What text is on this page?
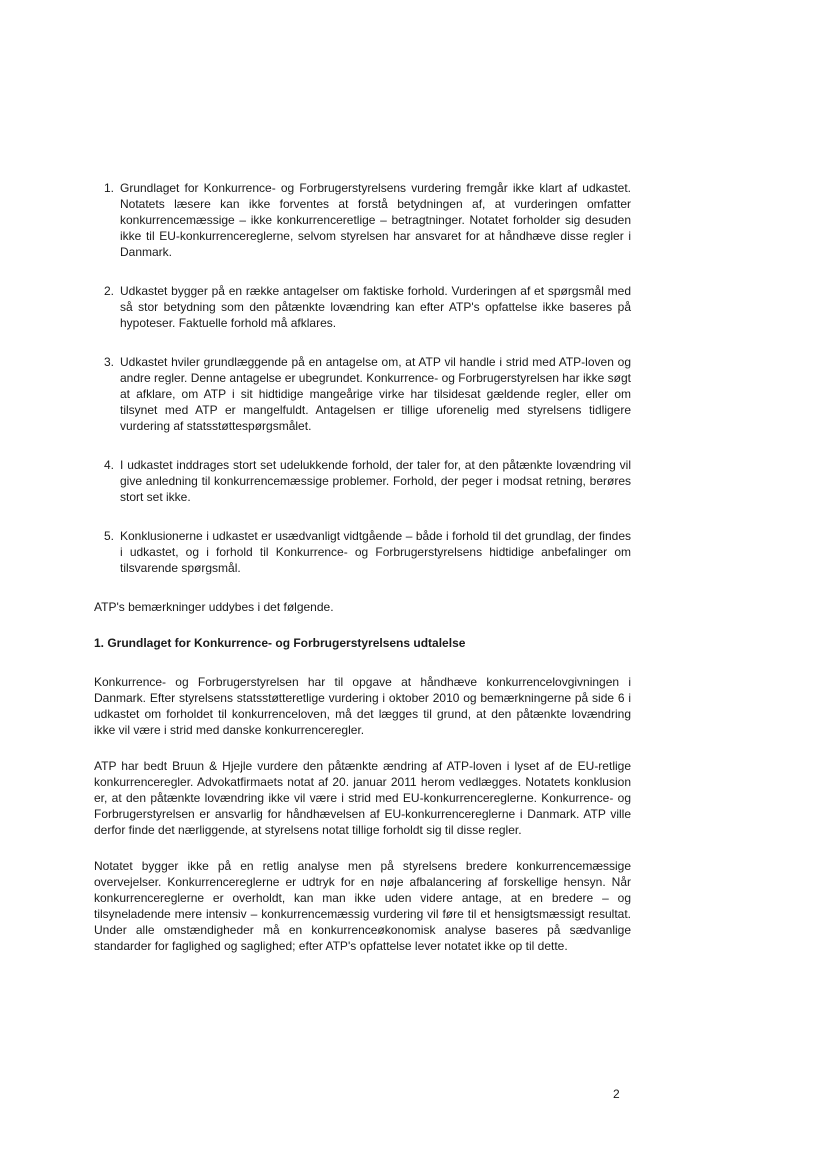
1. Grundlaget for Konkurrence- og Forbrugerstyrelsens vurdering fremgår ikke klart af udkastet. Notatets læsere kan ikke forventes at forstå betydningen af, at vurderingen omfatter konkurrencemæssige – ikke konkurrenceretlige – betragtninger. Notatet forholder sig desuden ikke til EU-konkurrencereglerne, selvom styrelsen har ansvaret for at håndhæve disse regler i Danmark.
2. Udkastet bygger på en række antagelser om faktiske forhold. Vurderingen af et spørgsmål med så stor betydning som den påtænkte lovændring kan efter ATP's opfattelse ikke baseres på hypoteser. Faktuelle forhold må afklares.
3. Udkastet hviler grundlæggende på en antagelse om, at ATP vil handle i strid med ATP-loven og andre regler. Denne antagelse er ubegrundet. Konkurrence- og Forbrugerstyrelsen har ikke søgt at afklare, om ATP i sit hidtidige mangeårige virke har tilsidesat gældende regler, eller om tilsynet med ATP er mangelfuldt. Antagelsen er tillige uforenelig med styrelsens tidligere vurdering af statsstøttespørgsmålet.
4. I udkastet inddrages stort set udelukkende forhold, der taler for, at den påtænkte lovændring vil give anledning til konkurrencemæssige problemer. Forhold, der peger i modsat retning, berøres stort set ikke.
5. Konklusionerne i udkastet er usædvanligt vidtgående – både i forhold til det grundlag, der findes i udkastet, og i forhold til Konkurrence- og Forbrugerstyrelsens hidtidige anbefalinger om tilsvarende spørgsmål.

ATP's bemærkninger uddybes i det følgende.

1. Grundlaget for Konkurrence- og Forbrugerstyrelsens udtalelse

Konkurrence- og Forbrugerstyrelsen har til opgave at håndhæve konkurrencelovgivningen i Danmark. Efter styrelsens statsstøtteretlige vurdering i oktober 2010 og bemærkningerne på side 6 i udkastet om forholdet til konkurrenceloven, må det lægges til grund, at den påtænkte lovændring ikke vil være i strid med danske konkurrenceregler.

ATP har bedt Bruun & Hjejle vurdere den påtænkte ændring af ATP-loven i lyset af de EU-retlige konkurrenceregler. Advokatfirmaets notat af 20. januar 2011 herom vedlægges. Notatets konklusion er, at den påtænkte lovændring ikke vil være i strid med EU-konkurrencereglerne. Konkurrence- og Forbrugerstyrelsen er ansvarlig for håndhævelsen af EU-konkurrencereglerne i Danmark. ATP ville derfor finde det nærliggende, at styrelsens notat tillige forholdt sig til disse regler.

Notatet bygger ikke på en retlig analyse men på styrelsens bredere konkurrencemæssige overvejelser. Konkurrencereglerne er udtryk for en nøje afbalancering af forskellige hensyn. Når konkurrencereglerne er overholdt, kan man ikke uden videre antage, at en bredere – og tilsyneladende mere intensiv – konkurrencemæssig vurdering vil føre til et hensigtsmæssigt resultat. Under alle omstændigheder må en konkurrenceøkonomisk analyse baseres på sædvanlige standarder for faglighed og saglighed; efter ATP's opfattelse lever notatet ikke op til dette.

2
